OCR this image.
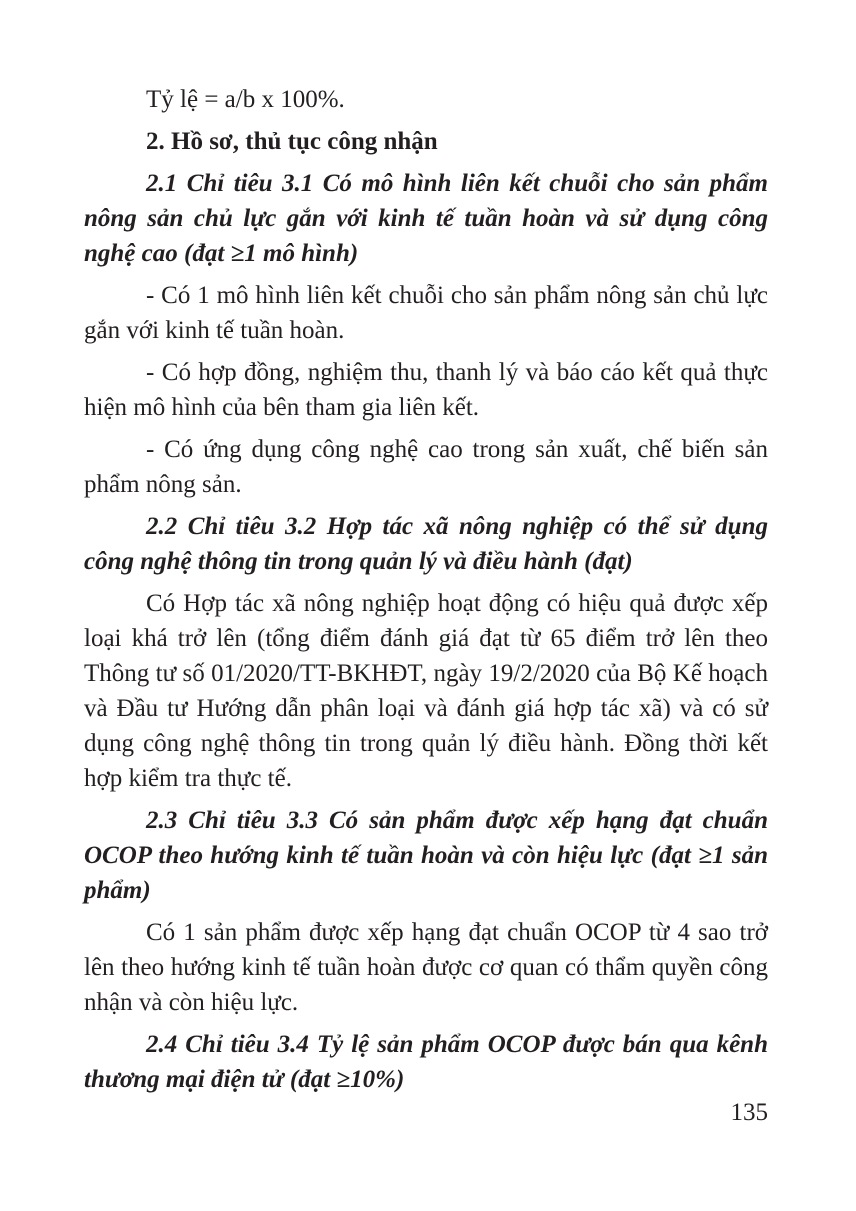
Tỷ lệ = a/b x 100%.

2. Hồ sơ, thủ tục công nhận

2.1 Chỉ tiêu 3.1 Có mô hình liên kết chuỗi cho sản phẩm nông sản chủ lực gắn với kinh tế tuần hoàn và sử dụng công nghệ cao (đạt ≥1 mô hình)

- Có 1 mô hình liên kết chuỗi cho sản phẩm nông sản chủ lực gắn với kinh tế tuần hoàn.

- Có hợp đồng, nghiệm thu, thanh lý và báo cáo kết quả thực hiện mô hình của bên tham gia liên kết.

- Có ứng dụng công nghệ cao trong sản xuất, chế biến sản phẩm nông sản.

2.2 Chỉ tiêu 3.2 Hợp tác xã nông nghiệp có thể sử dụng công nghệ thông tin trong quản lý và điều hành (đạt)

Có Hợp tác xã nông nghiệp hoạt động có hiệu quả được xếp loại khá trở lên (tổng điểm đánh giá đạt từ 65 điểm trở lên theo Thông tư số 01/2020/TT-BKHĐT, ngày 19/2/2020 của Bộ Kế hoạch và Đầu tư Hướng dẫn phân loại và đánh giá hợp tác xã) và có sử dụng công nghệ thông tin trong quản lý điều hành. Đồng thời kết hợp kiểm tra thực tế.

2.3 Chỉ tiêu 3.3 Có sản phẩm được xếp hạng đạt chuẩn OCOP theo hướng kinh tế tuần hoàn và còn hiệu lực (đạt ≥1 sản phẩm)

Có 1 sản phẩm được xếp hạng đạt chuẩn OCOP từ 4 sao trở lên theo hướng kinh tế tuần hoàn được cơ quan có thẩm quyền công nhận và còn hiệu lực.

2.4 Chỉ tiêu 3.4 Tỷ lệ sản phẩm OCOP được bán qua kênh thương mại điện tử (đạt ≥10%)

135
